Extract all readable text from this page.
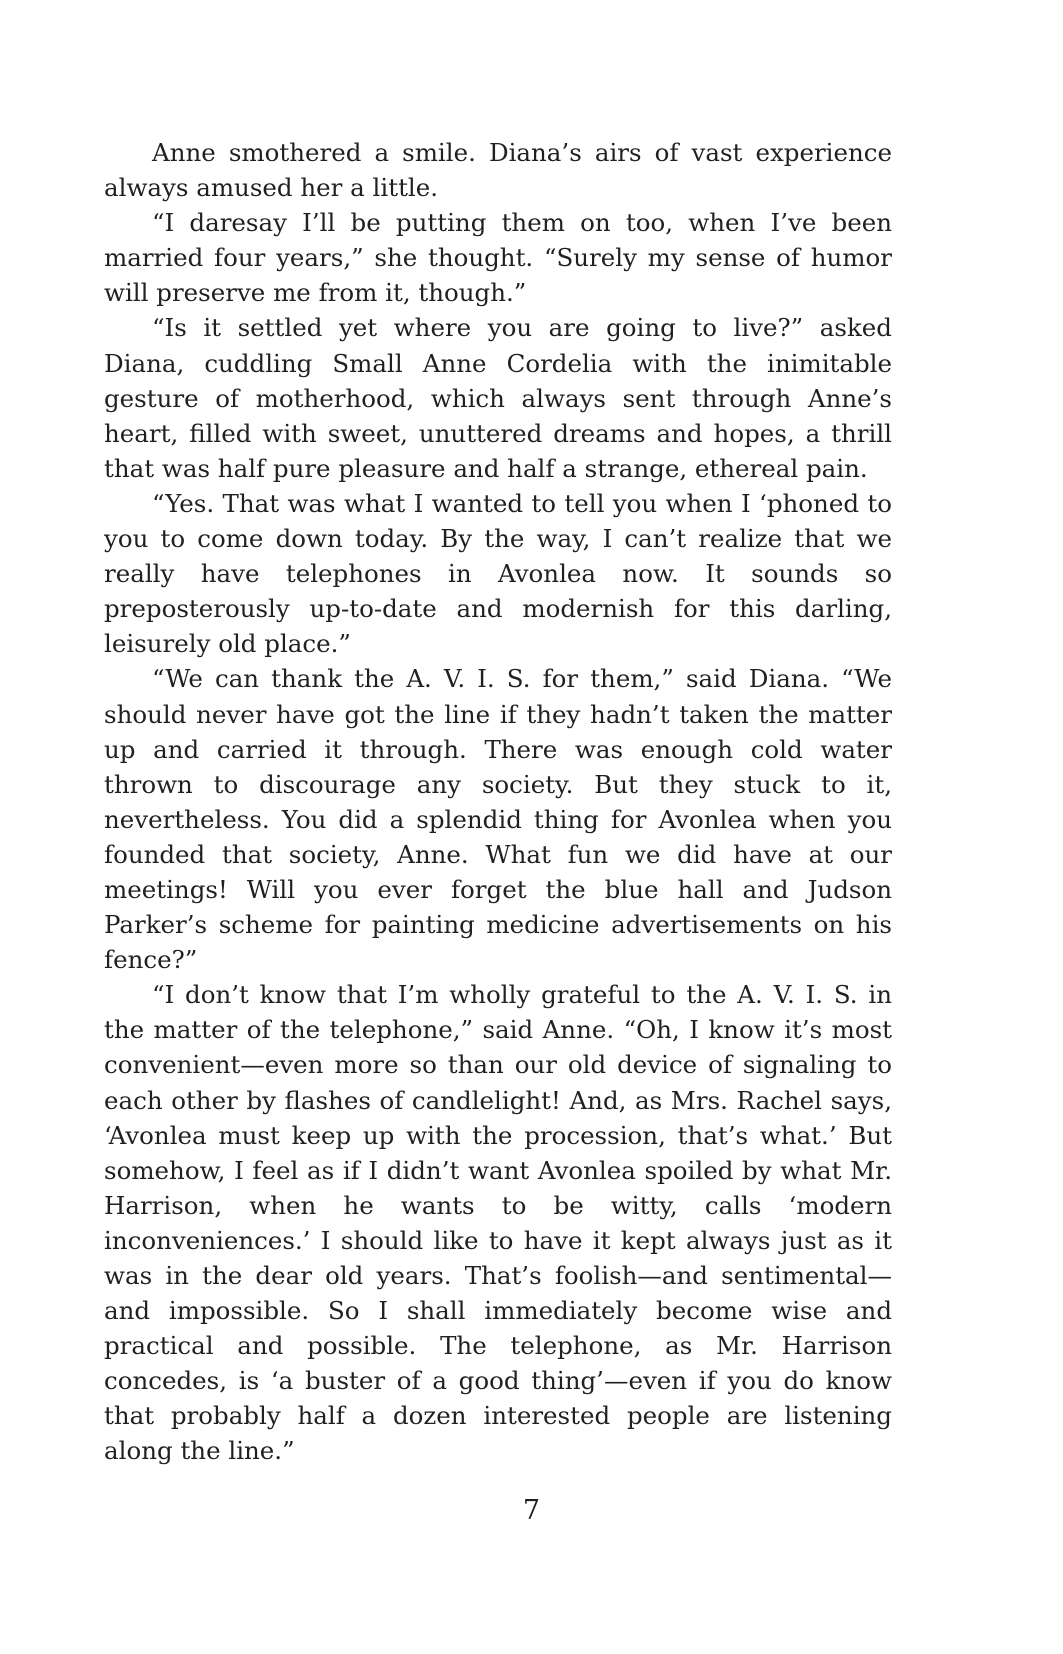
Anne smothered a smile. Diana’s airs of vast experience always amused her a little.

“I daresay I’ll be putting them on too, when I’ve been married four years,” she thought. “Surely my sense of humor will preserve me from it, though.”

“Is it settled yet where you are going to live?” asked Diana, cuddling Small Anne Cordelia with the inimitable gesture of motherhood, which always sent through Anne’s heart, filled with sweet, unuttered dreams and hopes, a thrill that was half pure pleasure and half a strange, ethereal pain.

“Yes. That was what I wanted to tell you when I ‘phoned to you to come down today. By the way, I can’t realize that we really have telephones in Avonlea now. It sounds so preposterously up-to-date and modernish for this darling, leisurely old place.”

“We can thank the A. V. I. S. for them,” said Diana. “We should never have got the line if they hadn’t taken the matter up and carried it through. There was enough cold water thrown to discourage any society. But they stuck to it, nevertheless. You did a splendid thing for Avonlea when you founded that society, Anne. What fun we did have at our meetings! Will you ever forget the blue hall and Judson Parker’s scheme for painting medicine advertisements on his fence?”

“I don’t know that I’m wholly grateful to the A. V. I. S. in the matter of the telephone,” said Anne. “Oh, I know it’s most convenient—even more so than our old device of signaling to each other by flashes of candlelight! And, as Mrs. Rachel says, ‘Avonlea must keep up with the procession, that’s what.’ But somehow, I feel as if I didn’t want Avonlea spoiled by what Mr. Harrison, when he wants to be witty, calls ‘modern inconveniences.’ I should like to have it kept always just as it was in the dear old years. That’s foolish—and sentimental—and impossible. So I shall immediately become wise and practical and possible. The telephone, as Mr. Harrison concedes, is ‘a buster of a good thing’—even if you do know that probably half a dozen interested people are listening along the line.”

7
